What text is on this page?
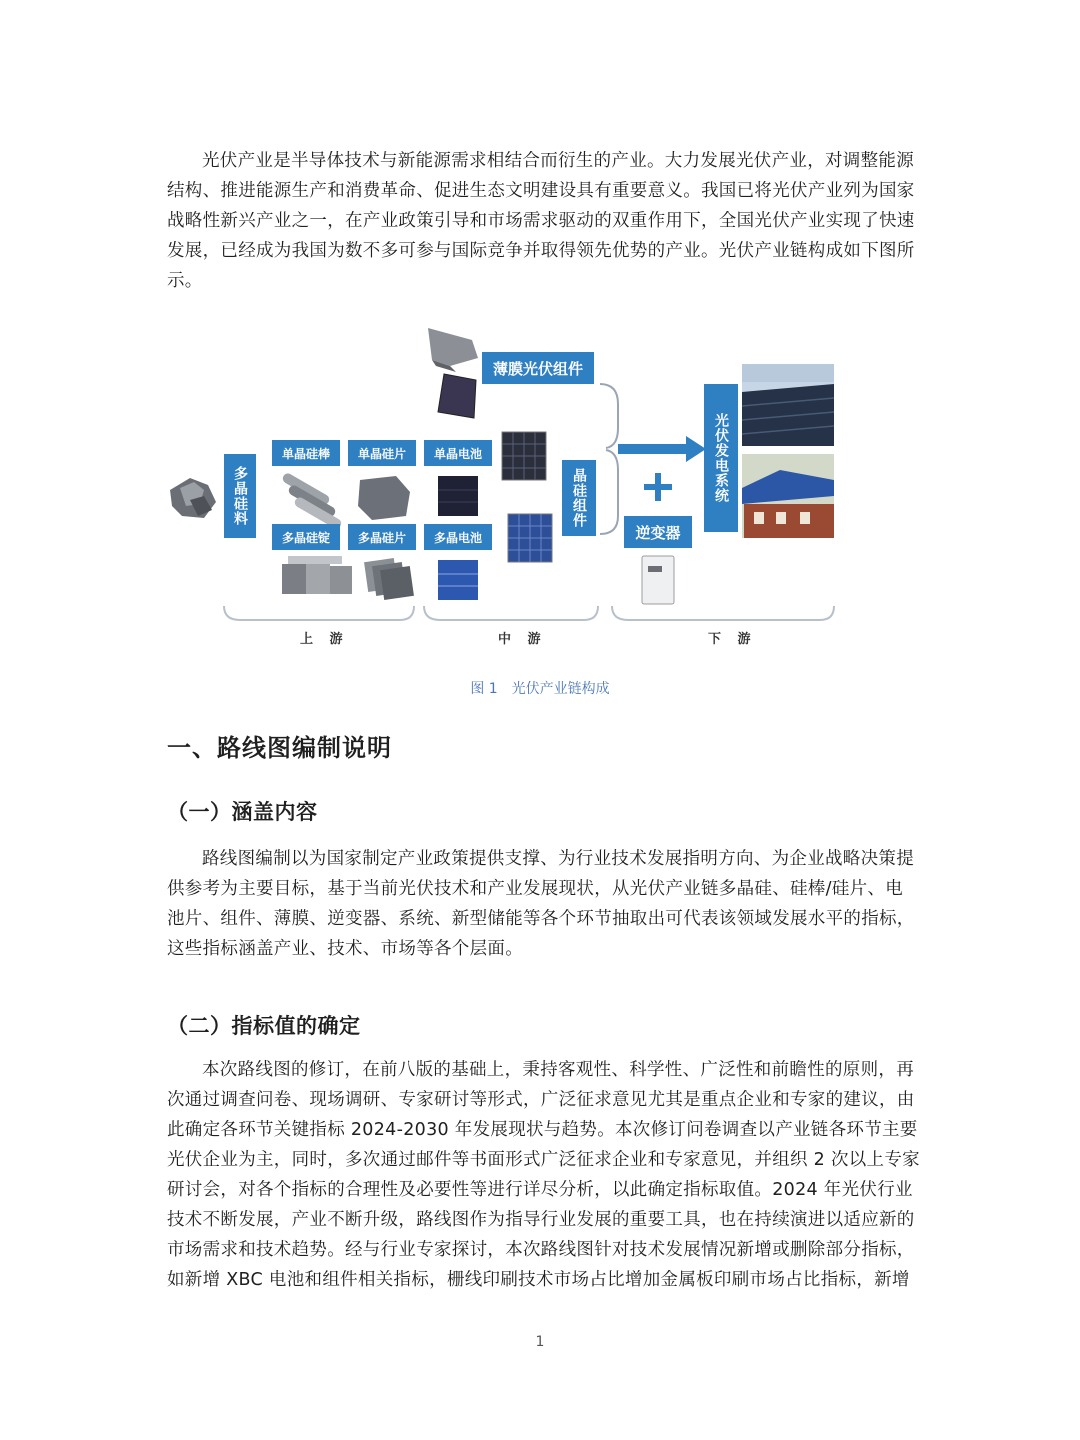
光伏产业是半导体技术与新能源需求相结合而衍生的产业。大力发展光伏产业，对调整能源
结构、推进能源生产和消费革命、促进生态文明建设具有重要意义。我国已将光伏产业列为国家
战略性新兴产业之一，在产业政策引导和市场需求驱动的双重作用下，全国光伏产业实现了快速
发展，已经成为我国为数不多可参与国际竞争并取得领先优势的产业。光伏产业链构成如下图所
示。

多晶硅料
单晶硅棒	单晶硅片	单晶电池
多晶硅锭	多晶硅片	多晶电池
薄膜光伏组件
晶硅组件
逆变器
光伏发电系统
上 游	中 游	下 游
图 1　光伏产业链构成
一、路线图编制说明
（一）涵盖内容

路线图编制以为国家制定产业政策提供支撑、为行业技术发展指明方向、为企业战略决策提
供参考为主要目标，基于当前光伏技术和产业发展现状，从光伏产业链多晶硅、硅棒/硅片、电
池片、组件、薄膜、逆变器、系统、新型储能等各个环节抽取出可代表该领域发展水平的指标，
这些指标涵盖产业、技术、市场等各个层面。

（二）指标值的确定

本次路线图的修订，在前八版的基础上，秉持客观性、科学性、广泛性和前瞻性的原则，再
次通过调查问卷、现场调研、专家研讨等形式，广泛征求意见尤其是重点企业和专家的建议，由
此确定各环节关键指标 2024-2030 年发展现状与趋势。本次修订问卷调查以产业链各环节主要
光伏企业为主，同时，多次通过邮件等书面形式广泛征求企业和专家意见，并组织 2 次以上专家
研讨会，对各个指标的合理性及必要性等进行详尽分析，以此确定指标取值。2024 年光伏行业
技术不断发展，产业不断升级，路线图作为指导行业发展的重要工具，也在持续演进以适应新的
市场需求和技术趋势。经与行业专家探讨，本次路线图针对技术发展情况新增或删除部分指标，
如新增 XBC 电池和组件相关指标，栅线印刷技术市场占比增加金属板印刷市场占比指标，新增

1
